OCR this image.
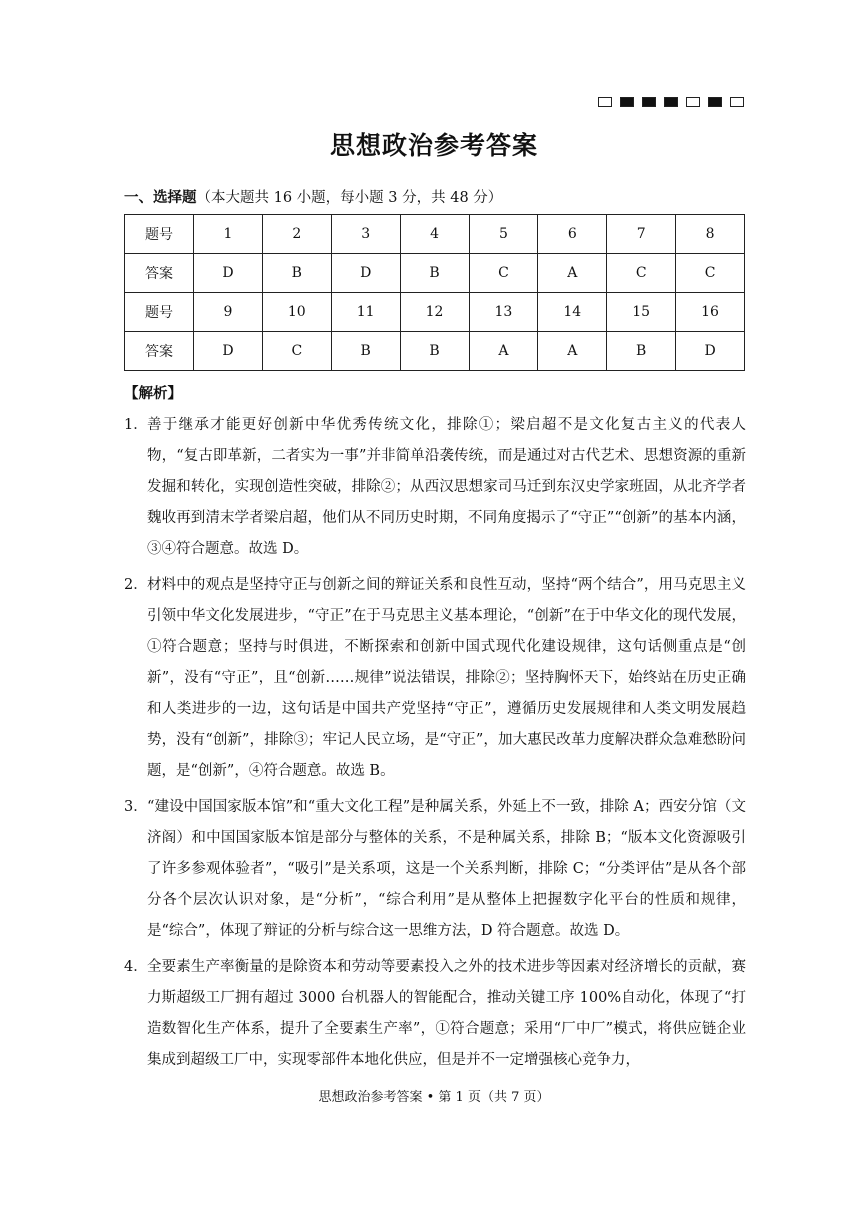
思想政治参考答案
一、选择题（本大题共 16 小题，每小题 3 分，共 48 分）
题号	1	2	3	4	5	6	7	8
答案	D	B	D	B	C	A	C	C
题号	9	10	11	12	13	14	15	16
答案	D	C	B	B	A	A	B	D
【解析】
1． 善于继承才能更好创新中华优秀传统文化，排除①；梁启超不是文化复古主义的代表人物，“复古即革新，二者实为一事”并非简单沿袭传统，而是通过对古代艺术、思想资源的重新发掘和转化，实现创造性突破，排除②；从西汉思想家司马迁到东汉史学家班固，从北齐学者魏收再到清末学者梁启超，他们从不同历史时期，不同角度揭示了“守正”“创新”的基本内涵，③④符合题意。故选 D。
2． 材料中的观点是坚持守正与创新之间的辩证关系和良性互动，坚持“两个结合”，用马克思主义引领中华文化发展进步，“守正”在于马克思主义基本理论，“创新”在于中华文化的现代发展，①符合题意；坚持与时俱进，不断探索和创新中国式现代化建设规律，这句话侧重点是“创新”，没有“守正”，且“创新……规律”说法错误，排除②；坚持胸怀天下，始终站在历史正确和人类进步的一边，这句话是中国共产党坚持“守正”，遵循历史发展规律和人类文明发展趋势，没有“创新”，排除③；牢记人民立场，是“守正”，加大惠民改革力度解决群众急难愁盼问题，是“创新”，④符合题意。故选 B。
3． “建设中国国家版本馆”和“重大文化工程”是种属关系，外延上不一致，排除 A；西安分馆（文济阁）和中国国家版本馆是部分与整体的关系，不是种属关系，排除 B；“版本文化资源吸引了许多参观体验者”，“吸引”是关系项，这是一个关系判断，排除 C；“分类评估”是从各个部分各个层次认识对象，是“分析”，“综合利用”是从整体上把握数字化平台的性质和规律，是“综合”，体现了辩证的分析与综合这一思维方法，D 符合题意。故选 D。
4． 全要素生产率衡量的是除资本和劳动等要素投入之外的技术进步等因素对经济增长的贡献，赛力斯超级工厂拥有超过 3000 台机器人的智能配合，推动关键工序 100%自动化，体现了“打造数智化生产体系，提升了全要素生产率”，①符合题意；采用“厂中厂”模式，将供应链企业集成到超级工厂中，实现零部件本地化供应，但是并不一定增强核心竞争力，
思想政治参考答案 • 第 1 页（共 7 页）
